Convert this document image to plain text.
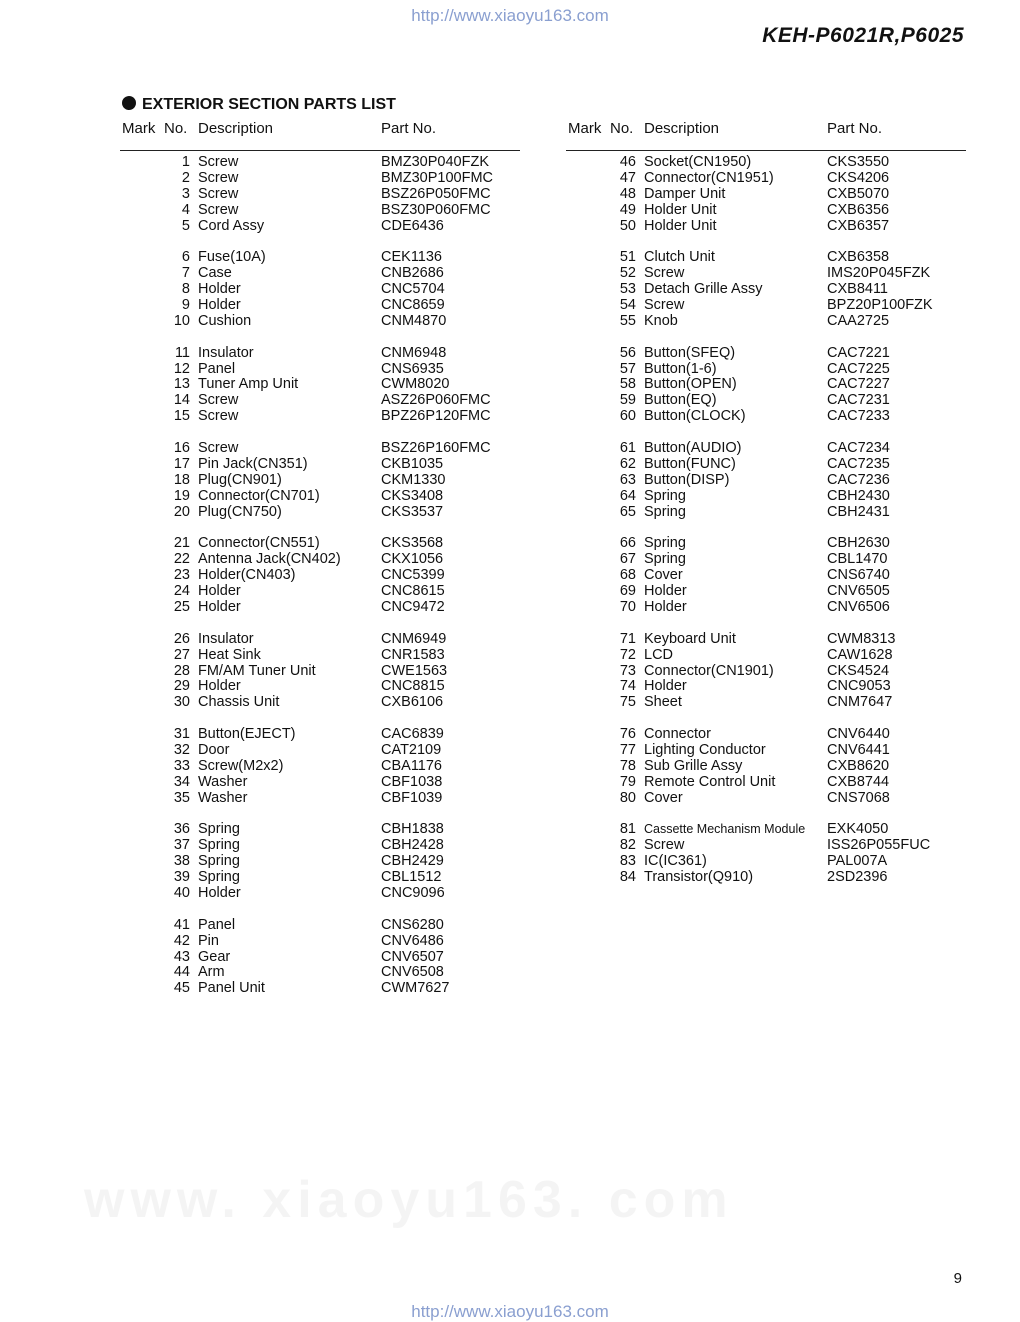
http://www.xiaoyu163.com
KEH-P6021R,P6025
EXTERIOR SECTION PARTS LIST
Mark No. Description	Part No.
1 Screw	BMZ30P040FZK
2 Screw	BMZ30P100FMC
3 Screw	BSZ26P050FMC
4 Screw	BSZ30P060FMC
5 Cord Assy	CDE6436
6 Fuse(10A)	CEK1136
7 Case	CNB2686
8 Holder	CNC5704
9 Holder	CNC8659
10 Cushion	CNM4870
11 Insulator	CNM6948
12 Panel	CNS6935
13 Tuner Amp Unit	CWM8020
14 Screw	ASZ26P060FMC
15 Screw	BPZ26P120FMC
16 Screw	BSZ26P160FMC
17 Pin Jack(CN351)	CKB1035
18 Plug(CN901)	CKM1330
19 Connector(CN701)	CKS3408
20 Plug(CN750)	CKS3537
21 Connector(CN551)	CKS3568
22 Antenna Jack(CN402)	CKX1056
23 Holder(CN403)	CNC5399
24 Holder	CNC8615
25 Holder	CNC9472
26 Insulator	CNM6949
27 Heat Sink	CNR1583
28 FM/AM Tuner Unit	CWE1563
29 Holder	CNC8815
30 Chassis Unit	CXB6106
31 Button(EJECT)	CAC6839
32 Door	CAT2109
33 Screw(M2x2)	CBA1176
34 Washer	CBF1038
35 Washer	CBF1039
36 Spring	CBH1838
37 Spring	CBH2428
38 Spring	CBH2429
39 Spring	CBL1512
40 Holder	CNC9096
41 Panel	CNS6280
42 Pin	CNV6486
43 Gear	CNV6507
44 Arm	CNV6508
45 Panel Unit	CWM7627
Mark No. Description	Part No.
46 Socket(CN1950)	CKS3550
47 Connector(CN1951)	CKS4206
48 Damper Unit	CXB5070
49 Holder Unit	CXB6356
50 Holder Unit	CXB6357
51 Clutch Unit	CXB6358
52 Screw	IMS20P045FZK
53 Detach Grille Assy	CXB8411
54 Screw	BPZ20P100FZK
55 Knob	CAA2725
56 Button(SFEQ)	CAC7221
57 Button(1-6)	CAC7225
58 Button(OPEN)	CAC7227
59 Button(EQ)	CAC7231
60 Button(CLOCK)	CAC7233
61 Button(AUDIO)	CAC7234
62 Button(FUNC)	CAC7235
63 Button(DISP)	CAC7236
64 Spring	CBH2430
65 Spring	CBH2431
66 Spring	CBH2630
67 Spring	CBL1470
68 Cover	CNS6740
69 Holder	CNV6505
70 Holder	CNV6506
71 Keyboard Unit	CWM8313
72 LCD	CAW1628
73 Connector(CN1901)	CKS4524
74 Holder	CNC9053
75 Sheet	CNM7647
76 Connector	CNV6440
77 Lighting Conductor	CNV6441
78 Sub Grille Assy	CXB8620
79 Remote Control Unit	CXB8744
80 Cover	CNS7068
81 Cassette Mechanism Module EXK4050
82 Screw	ISS26P055FUC
83 IC(IC361)	PAL007A
84 Transistor(Q910)	2SD2396
9
http://www.xiaoyu163.com
